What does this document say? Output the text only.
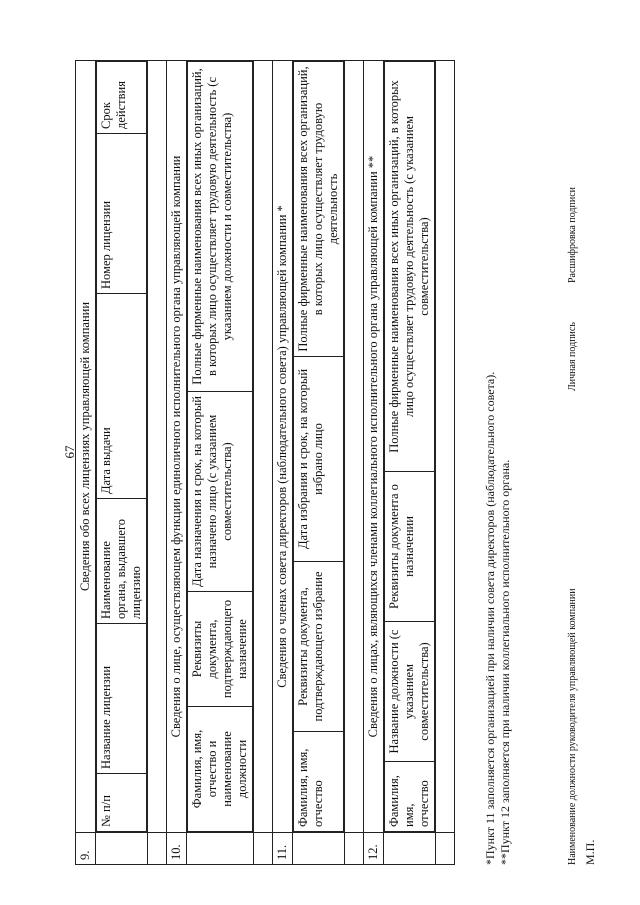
67
9.	Сведения обо всех лицензиях управляющей компании

№ п/п	Название лицензии	Наименование органа, выдавшего лицензию	Дата выдачи	Номер лицензии	Срок действия

10.	Сведения о лице, осуществляющем функции единоличного исполнительного органа управляющей компании

Фамилия, имя, отчество и наименование должности	Реквизиты документа, подтверждающего назначение	Дата назначения и срок, на который назначено лицо (с указанием совместительства)	Полные фирменные наименования всех иных организаций, в которых лицо осуществляет трудовую деятельность (с указанием должности и совместительства)

11.	Сведения о членах совета директоров (наблюдательного совета) управляющей компании *

Фамилия, имя, отчество	Реквизиты документа, подтверждающего избрание	Дата избрания и срок, на который избрано лицо	Полные фирменные наименования всех организаций, в которых лицо осуществляет трудовую деятельность

12.	Сведения о лицах, являющихся членами коллегиального исполнительного органа управляющей компании **

Фамилия, имя, отчество	Название должности (с указанием совместительства)	Реквизиты документа о назначении	Полные фирменные наименования всех иных организаций, в которых лицо осуществляет трудовую деятельность (с указанием совместительства)

*Пункт 11 заполняется организацией при наличии совета директоров (наблюдательного совета). **Пункт 12 заполняется при наличии коллегиального исполнительного органа.	Наименование должности руководителя управляющей компании
Личная подпись
Расшифровка подписи
М.П.
